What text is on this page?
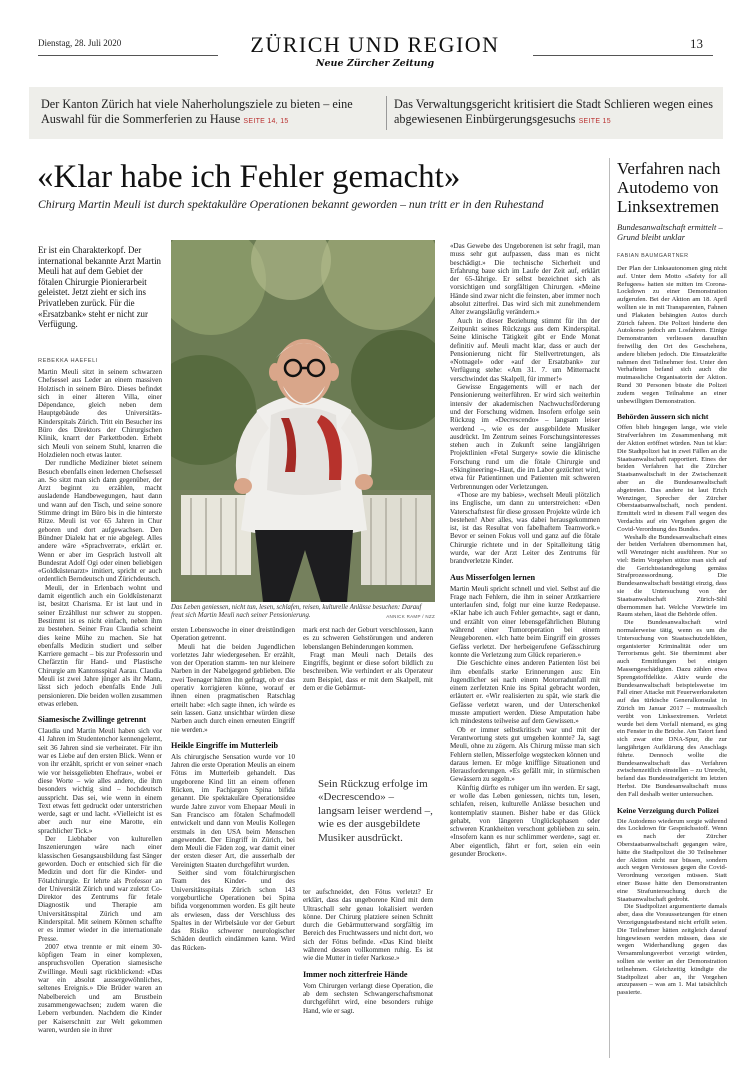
Dienstag, 28. Juli 2020	ZÜRICH UND REGION
Neue Zürcher Zeitung
13
Der Kanton Zürich hat viele Naherholungsziele zu bieten – eine Auswahl für die Sommerferien zu Hause SEITE 14, 15
Das Verwaltungsgericht kritisiert die Stadt Schlieren wegen eines abgewiesenen Einbürgerungsgesuchs SEITE 15
«Klar habe ich Fehler gemacht»
Chirurg Martin Meuli ist durch spektakuläre Operationen bekannt geworden – nun tritt er in den Ruhestand
Er ist ein Charakterkopf. Der international bekannte Arzt Martin Meuli hat auf dem Gebiet der fötalen Chirurgie Pionierarbeit geleistet. Jetzt zieht er sich ins Privatleben zurück. Für die «Ersatzbank» steht er nicht zur Verfügung.
REBEKKA HAEFELI

Martin Meuli sitzt in seinem schwarzen Chefsessel aus Leder an einem massiven Holztisch in seinem Büro. Dieses befindet sich in einer älteren Villa, einer Dépendance, gleich neben dem Hauptgebäude des Universitäts-Kinderspitals Zürich. Tritt ein Besucher ins Büro des Direktors der Chirurgischen Klinik, knarrt der Parkettboden. Erhebt sich Meuli von seinem Stuhl, knarren die Holzdielen noch etwas lauter.

Der rundliche Mediziner bietet seinem Besuch ebenfalls einen ledernen Chefsessel an. So sitzt man sich dann gegenüber, der Arzt beginnt zu erzählen, macht ausladende Handbewegungen, haut dann und wann auf den Tisch, und seine sonore Stimme dringt im Büro bis in die hinterste Ritze. Meuli ist vor 65 Jahren in Chur geboren und dort aufgewachsen. Den Bündner Dialekt hat er nie abgelegt. Alles andere wäre «Sprachverrat», erklärt er. Wenn er aber im Gespräch lustvoll alt Bundesrat Adolf Ogi oder einen beliebigen «Goldküstenarzt» imitiert, spricht er auch ordentlich Berndeutsch und Zürichdeutsch.

Meuli, der in Erlenbach wohnt und damit eigentlich auch ein Goldküstenarzt ist, besitzt Charisma. Er ist laut und in seiner Erzähllust nur schwer zu stoppen. Bestimmt ist es nicht einfach, neben ihm zu bestehen. Seiner Frau Claudia scheint dies keine Mühe zu machen. Sie hat ebenfalls Medizin studiert und selber Karriere gemacht – bis zur Professorin und Chefärztin für Hand- und Plastische Chirurgie am Kantonsspital Aarau. Claudia Meuli ist zwei Jahre jünger als ihr Mann, lässt sich jedoch ebenfalls Ende Juli pensionieren. Die beiden wollen zusammen etwas erleben.

Siamesische Zwillinge getrennt

Claudia und Martin Meuli haben sich vor 41 Jahren im Studentenchor kennengelernt, seit 36 Jahren sind sie verheiratet. Für ihn war es Liebe auf den ersten Blick. Wenn er von ihr erzählt, spricht er von seiner «nach wie vor heissgeliebten Ehefrau», wobei er diese Worte – wie alles andere, die ihm besonders wichtig sind – hochdeutsch ausspricht. Das sei, wie wenn in einem Text etwas fett gedruckt oder unterstrichen werde, sagt er und lacht. «Vielleicht ist es aber auch nur eine Marotte, ein sprachlicher Tick.»

Der Liebhaber von kulturellen Inszenierungen wäre nach einer klassischen Gesangsausbildung fast Sänger geworden. Doch er entschied sich für die Medizin und dort für die Kinder- und Fötalchirurgie. Er lehrte als Professor an der Universität Zürich und war zuletzt Co-Direktor des Zentrums für fetale Diagnostik und Therapie am Universitätsspital Zürich und am Kinderspital. Mit seinem Können schaffte er es immer wieder in die internationale Presse.

2007 etwa trennte er mit einem 30-köpfigen Team in einer komplexen, anspruchsvollen Operation siamesische Zwillinge. Meuli sagt rückblickend: «Das war ein absolut aussergewöhnliches, seltenes Ereignis.» Die Brüder waren an Nabelbereich und am Brustbein zusammengewachsen; zudem waren die Lebern verbunden. Nachdem die Kinder per Kaiserschnitt zur Welt gekommen waren, wurden sie in ihrer

Das Leben geniessen, nicht tun, lesen, schlafen, reisen, kulturelle Anlässe besuchen: Darauf freut sich Martin Meuli nach seiner Pensionierung.	ANNICK RAMP / NZZ

ersten Lebenswoche in einer dreistündigen Operation getrennt.

Meuli hat die beiden Jugendlichen vorletztes Jahr wiedergesehen. Er erzählt, von der Operation stamm- ten nur kleinere Narben in der Nabelgegend geblieben. Die zwei Teenager hätten ihn gefragt, ob er das operativ korrigieren könne, worauf er ihnen einen pragmatischen Ratschlag erteilt habe: «Ich sagte ihnen, ich würde es sein lassen. Ganz unsichtbar würden diese Narben auch durch einen erneuten Eingriff nie werden.»

Heikle Eingriffe im Mutterleib

Als chirurgische Sensation wurde vor 10 Jahren die erste Operation Meulis an einem Fötus im Mutterleib gehandelt. Das ungeborene Kind litt an einem offenen Rücken, im Fachjargon Spina bifida genannt. Die spektakuläre Operationsidee wurde Jahre zuvor vom Ehepaar Meuli in San Francisco am fötalen Schafmodell entwickelt und dann von Meulis Kollegen erstmals in den USA beim Menschen angewendet. Der Eingriff in Zürich, bei dem Meuli die Fäden zog, war damit einer der ersten dieser Art, die ausserhalb der Vereinigten Staaten durchgeführt wurden.

Seither sind vom fötalchirurgischen Team des Kinder- und des Universitätsspitals Zürich schon 143 vorgeburtliche Operationen bei Spina bifida vorgenommen worden. Es gilt heute als erwiesen, dass der Verschluss des Spaltes in der Wirbelsäule vor der Geburt das Risiko schwerer neurologischer Schäden deutlich eindämmen kann. Wird das Rücken-

mark erst nach der Geburt verschlossen, kann es zu schweren Gehstörungen und anderen lebenslangen Behinderungen kommen.

Fragt man Meuli nach Details des Eingriffs, beginnt er diese sofort bildlich zu beschreiben. Wie verhindert er als Operateur zum Beispiel, dass er mit dem Skalpell, mit dem er die Gebärmut-

Sein Rückzug erfolge im «Decrescendo» – langsam leiser werdend –, wie es der ausgebildete Musiker ausdrückt.

ter aufschneidet, den Fötus verletzt? Er erklärt, dass das ungeborene Kind mit dem Ultraschall sehr genau lokalisiert werden könne. Der Chirurg platziere seinen Schnitt durch die Gebärmutterwand sorgfältig im Bereich des Fruchtwassers und nicht dort, wo sich der Fötus befinde. «Das Kind bleibt während dessen vollkommen ruhig. Es ist wie die Mutter in tiefer Narkose.»

Immer noch zitterfreie Hände

Vom Chirurgen verlangt diese Operation, die ab dem sechsten Schwangerschaftsmonat durchgeführt wird, eine besonders ruhige Hand, wie er sagt.

«Das Gewebe des Ungeborenen ist sehr fragil, man muss sehr gut aufpassen, dass man es nicht beschädigt.» Die technische Sicherheit und Erfahrung baue sich im Laufe der Zeit auf, erklärt der 65-Jährige. Er selbst bezeichnet sich als vorsichtigen und sorgfältigen Chirurgen. «Meine Hände sind zwar nicht die feinsten, aber immer noch absolut zitterfrei. Das wird sich mit zunehmendem Alter zwangsläufig verändern.»

Auch in dieser Beziehung stimmt für ihn der Zeitpunkt seines Rückzugs aus dem Kinderspital. Seine klinische Tätigkeit gibt er Ende Monat definitiv auf. Meuli macht klar, dass er auch der Pensionierung nicht für Stellvertretungen, als «Notnagel» oder «auf der Ersatzbank» zur Verfügung stehe: «Am 31. 7. um Mitternacht verschwindet das Skalpell, für immer!»

Gewisse Engagements will er nach der Pensionierung weiterführen. Er wird sich weiterhin intensiv der akademischen Nachwuchsförderung und der Forschung widmen. Insofern erfolge sein Rückzug im «Decrescendo» – langsam leiser werdend –, wie es der ausgebildete Musiker ausdrückt. Im Zentrum seines Forschungsinteresses stehen auch in Zukunft seine langjährigen Projektlinien «Fetal Surgery» sowie die klinische Forschung rund um die fötale Chirurgie und «Skingineering»-Haut, die im Labor gezüchtet wird, etwa für Patientinnen und Patienten mit schweren Verbrennungen oder Verletzungen.

«Those are my babies», wechselt Meuli plötzlich ins Englische, um dann zu unterstreichen: «Den Vaterschaftstest für diese grossen Projekte würde ich bestehen! Aber alles, was dabei herausgekommen ist, ist das Resultat von fabelhaftem Teamwork.» Bevor er seinen Fokus voll und ganz auf die fötale Chirurgie richtete und in der Spitalleitung tätig wurde, war der Arzt Leiter des Zentrums für brandverletzte Kinder.

Aus Misserfolgen lernen

Martin Meuli spricht schnell und viel. Selbst auf die Frage nach Fehlern, die ihm in seiner Arztkarriere unterlaufen sind, folgt nur eine kurze Redepause. «Klar habe ich auch Fehler gemacht», sagt er dann, und erzählt von einer lebensgefährlichen Blutung während einer Tumoroperation bei einem Neugeborenen. «Ich hatte beim Eingriff ein grosses Gefäss verletzt. Der herbeigerufene Gefässchirurg konnte die Verletzung zum Glück reparieren.»

Die Geschichte eines anderen Patienten löst bei ihm ebenfalls starke Erinnerungen aus: Ein Jugendlicher sei nach einem Motorradunfall mit einem zerfetzten Knie ins Spital gebracht worden, erläutert er. «Wir realisierten zu spät, wie stark die Gefässe verletzt waren, und der Unterschenkel musste amputiert werden. Diese Amputation habe ich mindestens teilweise auf dem Gewissen.»

Ob er immer selbstkritisch war und mit der Verantwortung stets gut umgehen konnte? Ja, sagt Meuli, ohne zu zögern. Als Chirurg müsse man sich Fehlern stellen, Misserfolge wegstecken können und daraus lernen. Er möge knifflige Situationen und Herausforderungen. «Es gefällt mir, in stürmischen Gewässern zu segeln.»

Künftig dürfte es ruhiger um ihn werden. Er sagt, er wolle das Leben geniessen, nichts tun, lesen, schlafen, reisen, kulturelle Anlässe besuchen und kontemplativ staunen. Bisher habe er das Glück gehabt, von längeren Unglücksphasen oder schweren Krankheiten verschont geblieben zu sein. «Insofern kann es nur schlimmer werden», sagt er. Aber eigentlich, fährt er fort, seien ein «ein gesunder Brocken».

Verfahren nach Autodemo von Linksextremen
Bundesanwaltschaft ermittelt – Grund bleibt unklar
FABIAN BAUMGARTNER

Der Plan der Linksautonomen ging nicht auf. Unter dem Motto «Safety for all Refugees» hatten sie mitten im Corona-Lockdown zu einer Demonstration aufgerufen. Bei der Aktion am 18. April wollten sie in mit Transparenten, Fahnen und Plakaten behängten Autos durch Zürich fahren. Die Polizei hinderte den Autokorso jedoch am Losfahren. Einige Demonstranten verliessen daraufhin freiwillig den Ort des Geschehens, andere blieben jedoch. Die Einsatzkräfte nahmen drei Teilnehmer fest. Unter den Verhafteten befand sich auch die mutmassliche Organisatorin der Aktion. Rund 30 Personen büsste die Polizei zudem wegen Teilnahme an einer unbewilligten Demonstration.

Behörden äussern sich nicht

Offen blieb hingegen lange, wie viele Strafverfahren im Zusammenhang mit der Aktion eröffnet würden. Nun ist klar: Die Stadtpolizei hat in zwei Fällen an die Staatsanwaltschaft rapportiert. Eines der beiden Verfahren hat die Zürcher Staatsanwaltschaft in der Zwischenzeit aber an die Bundesanwaltschaft abgetreten. Das andere ist laut Erich Wenzinger, Sprecher der Zürcher Oberstaatsanwaltschaft, noch pendent. Ermittelt wird in diesem Fall wegen des Verdachts auf ein Vergehen gegen die Covid-Verordnung des Bundes.

Weshalb die Bundesanwaltschaft eines der beiden Verfahren übernommen hat, will Wenzinger nicht ausführen. Nur so viel: Beim Vorgehen stütze man sich auf die Gerichtsstandregelung gemäss Strafprozessordnung. Die Bundesanwaltschaft bestätigt einzig, dass sie die Untersuchung von der Staatsanwaltschaft Zürich-Sihl übernommen hat. Welche Vorwürfe im Raum stehen, lässt die Behörde offen.

Die Bundesanwaltschaft wird normalerweise tätig, wenn es um die Untersuchung von Staatsschutzdelikten, organisierter Kriminalität oder um Terrorismus geht. Sie übernimmt aber auch Ermittlungen bei einigen Massengeschädigten. Dazu zählen etwa Sprengstoffdelikte. Aktiv wurde die Bundesanwaltschaft beispielsweise im Fall einer Attacke mit Feuerwerksraketen auf das türkische Generalkonsulat in Zürich im Januar 2017 – mutmasslich verübt von Linksextremen. Verletzt wurde bei dem Vorfall niemand, es ging ein Fenster in die Brüche. Am Tatort fand sich zwar eine DNA-Spur, die zur langjährigen Aufklärung des Anschlags führte. Dennoch wollte die Bundesanwaltschaft das Verfahren zwischenzeitlich einstellen – zu Unrecht, befand das Bundesstrafgericht im letzten Herbst. Die Bundesanwaltschaft muss den Fall deshalb weiter untersuchen.

Keine Verzeigung durch Polizei

Die Autodemo wiederum sorgte während des Lockdown für Gesprächsstoff. Wenn es nach der Zürcher Oberstaatsanwaltschaft gegangen wäre, hätte die Stadtpolizei die 30 Teilnehmer der Aktion nicht nur büssen, sondern auch wegen Verstosses gegen die Covid-Verordnung verzeigen müssen. Statt einer Busse hätte den Demonstranten eine Strafuntersuchung durch die Staatsanwaltschaft gedroht.

Die Stadtpolizei argumentierte damals aber, dass die Voraussetzungen für einen Verzeigungstatbestand nicht erfüllt seien. Die Teilnehmer hätten zeitgleich darauf hingewiesen werden müssen, dass sie wegen Widerhandlung gegen das Versammlungsverbot verzeigt würden, sollten sie weiter an der Demonstration teilnehmen. Gleichzeitig kündigte die Stadtpolizei aber an, ihr Vorgehen anzupassen – was am 1. Mai tatsächlich passierte.
